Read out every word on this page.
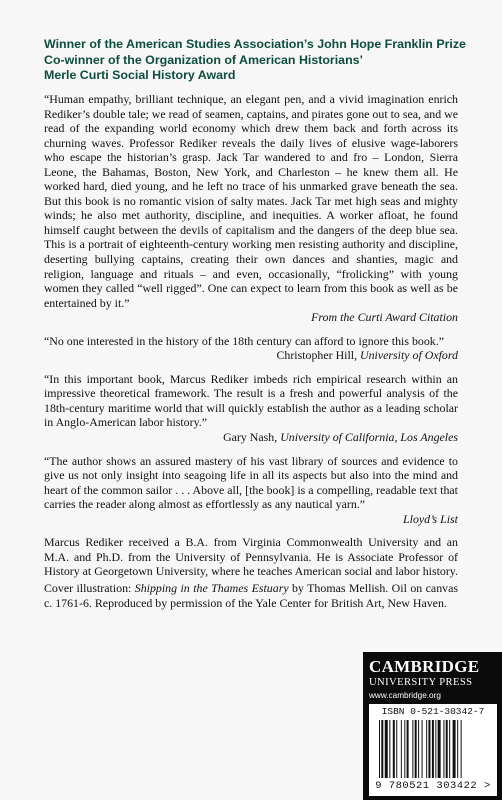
Winner of the American Studies Association’s John Hope Franklin Prize
Co-winner of the Organization of American Historians’
Merle Curti Social History Award

“Human empathy, brilliant technique, an elegant pen, and a vivid imagination enrich Rediker’s double tale; we read of seamen, captains, and pirates gone out to sea, and we read of the expanding world economy which drew them back and forth across its churning waves. Professor Rediker reveals the daily lives of elusive wage-laborers who escape the historian’s grasp. Jack Tar wandered to and fro – London, Sierra Leone, the Bahamas, Boston, New York, and Charleston – he knew them all. He worked hard, died young, and he left no trace of his unmarked grave beneath the sea. But this book is no romantic vision of salty mates. Jack Tar met high seas and mighty winds; he also met authority, discipline, and inequities. A worker afloat, he found himself caught between the devils of capitalism and the dangers of the deep blue sea. This is a portrait of eighteenth-century working men resisting authority and discipline, deserting bullying captains, creating their own dances and shanties, magic and religion, language and rituals – and even, occasionally, “frolicking” with young women they called “well rigged”. One can expect to learn from this book as well as be entertained by it.”

From the Curti Award Citation

“No one interested in the history of the 18th century can afford to ignore this book.”

Christopher Hill, University of Oxford

“In this important book, Marcus Rediker imbeds rich empirical research within an impressive theoretical framework. The result is a fresh and powerful analysis of the 18th-century maritime world that will quickly establish the author as a leading scholar in Anglo-American labor history.”

Gary Nash, University of California, Los Angeles

“The author shows an assured mastery of his vast library of sources and evidence to give us not only insight into seagoing life in all its aspects but also into the mind and heart of the common sailor . . . Above all, [the book] is a compelling, readable text that carries the reader along almost as effortlessly as any nautical yarn.”

Lloyd’s List

Marcus Rediker received a B.A. from Virginia Commonwealth University and an M.A. and Ph.D. from the University of Pennsylvania. He is Associate Professor of History at Georgetown University, where he teaches American social and labor history.

Cover illustration: Shipping in the Thames Estuary by Thomas Mellish. Oil on canvas c. 1761-6. Reproduced by permission of the Yale Center for British Art, New Haven.

CAMBRIDGE
UNIVERSITY PRESS
www.cambridge.org
ISBN 0-521-30342-7
9 780521 303422 >
